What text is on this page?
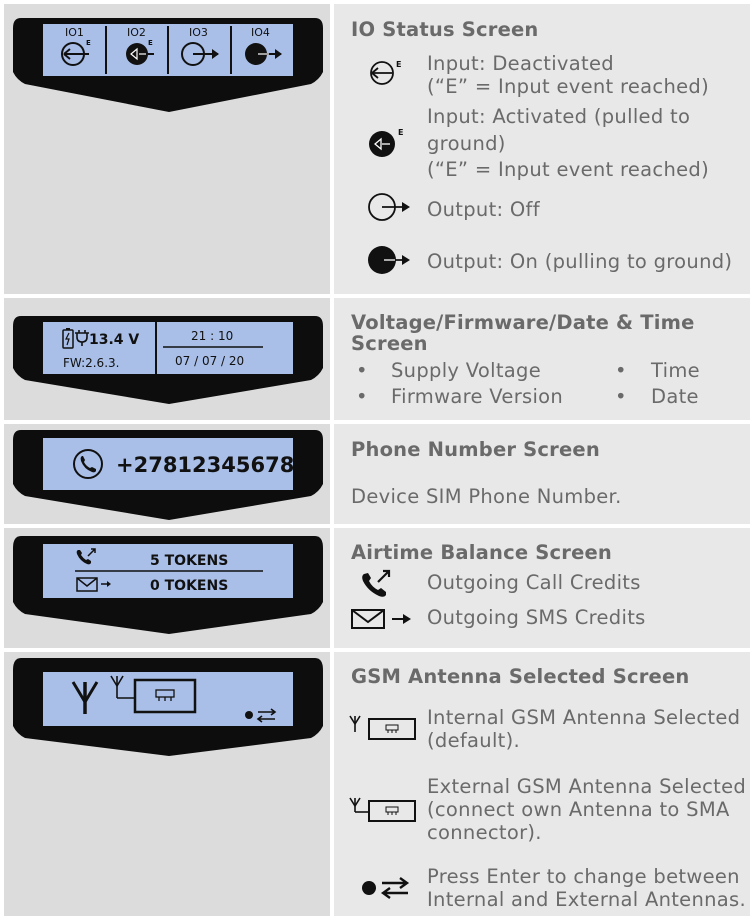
IO1	IO2	IO3	IO4
E	E
IO Status Screen
E Input: Deactivated
(“E” = Input event reached)
E
Input: Activated (pulled to
ground)
(“E” = Input event reached)
Output: Off
Output: On (pulling to ground)
13.4 V
FW:2.6.3.
21 : 10
07 / 07 / 20
Voltage/Firmware/Date & Time Screen
• Supply Voltage
• Firmware Version
• Time
• Date
+27812345678
Phone Number Screen
Device SIM Phone Number.
5 TOKENS
0 TOKENS
Airtime Balance Screen
Outgoing Call Credits
Outgoing SMS Credits
GSM Antenna Selected Screen
Internal GSM Antenna Selected
(default).
External GSM Antenna Selected
(connect own Antenna to SMA
connector).
Press Enter to change between
Internal and External Antennas.
